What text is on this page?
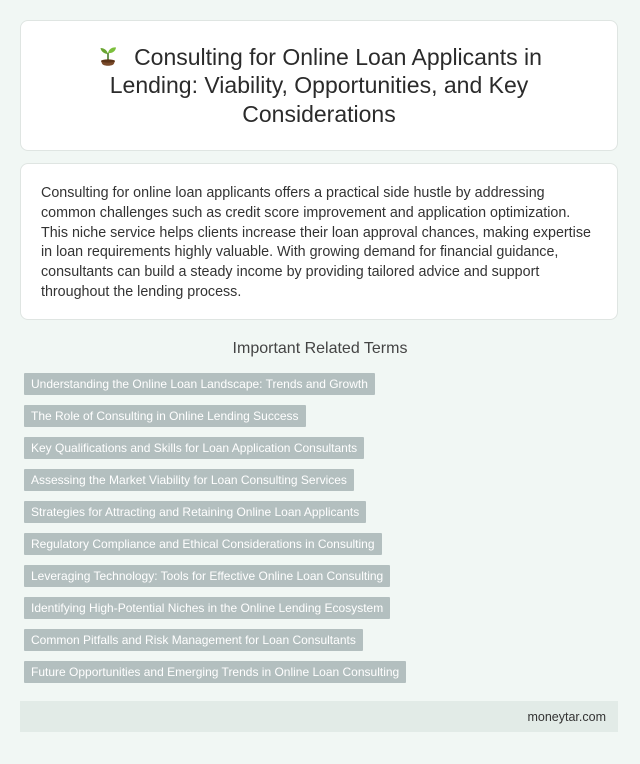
Consulting for Online Loan Applicants in Lending: Viability, Opportunities, and Key Considerations

Consulting for online loan applicants offers a practical side hustle by addressing common challenges such as credit score improvement and application optimization. This niche service helps clients increase their loan approval chances, making expertise in loan requirements highly valuable. With growing demand for financial guidance, consultants can build a steady income by providing tailored advice and support throughout the lending process.

Important Related Terms
Understanding the Online Loan Landscape: Trends and Growth
The Role of Consulting in Online Lending Success
Key Qualifications and Skills for Loan Application Consultants
Assessing the Market Viability for Loan Consulting Services
Strategies for Attracting and Retaining Online Loan Applicants
Regulatory Compliance and Ethical Considerations in Consulting
Leveraging Technology: Tools for Effective Online Loan Consulting
Identifying High-Potential Niches in the Online Lending Ecosystem
Common Pitfalls and Risk Management for Loan Consultants
Future Opportunities and Emerging Trends in Online Loan Consulting
moneytar.com
